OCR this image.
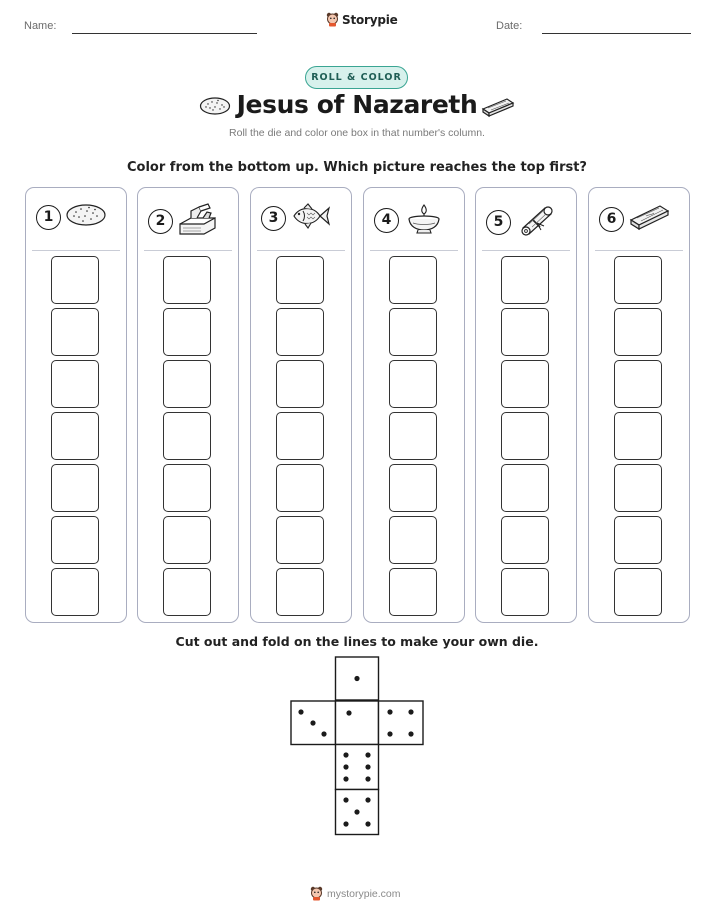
Name:	Storypie	Date:
ROLL & COLOR
Jesus of Nazareth
Roll the die and color one box in that number's column.
Color from the bottom up. Which picture reaches the top first?
1	2	3	4	5	6
Cut out and fold on the lines to make your own die.
mystorypie.com
